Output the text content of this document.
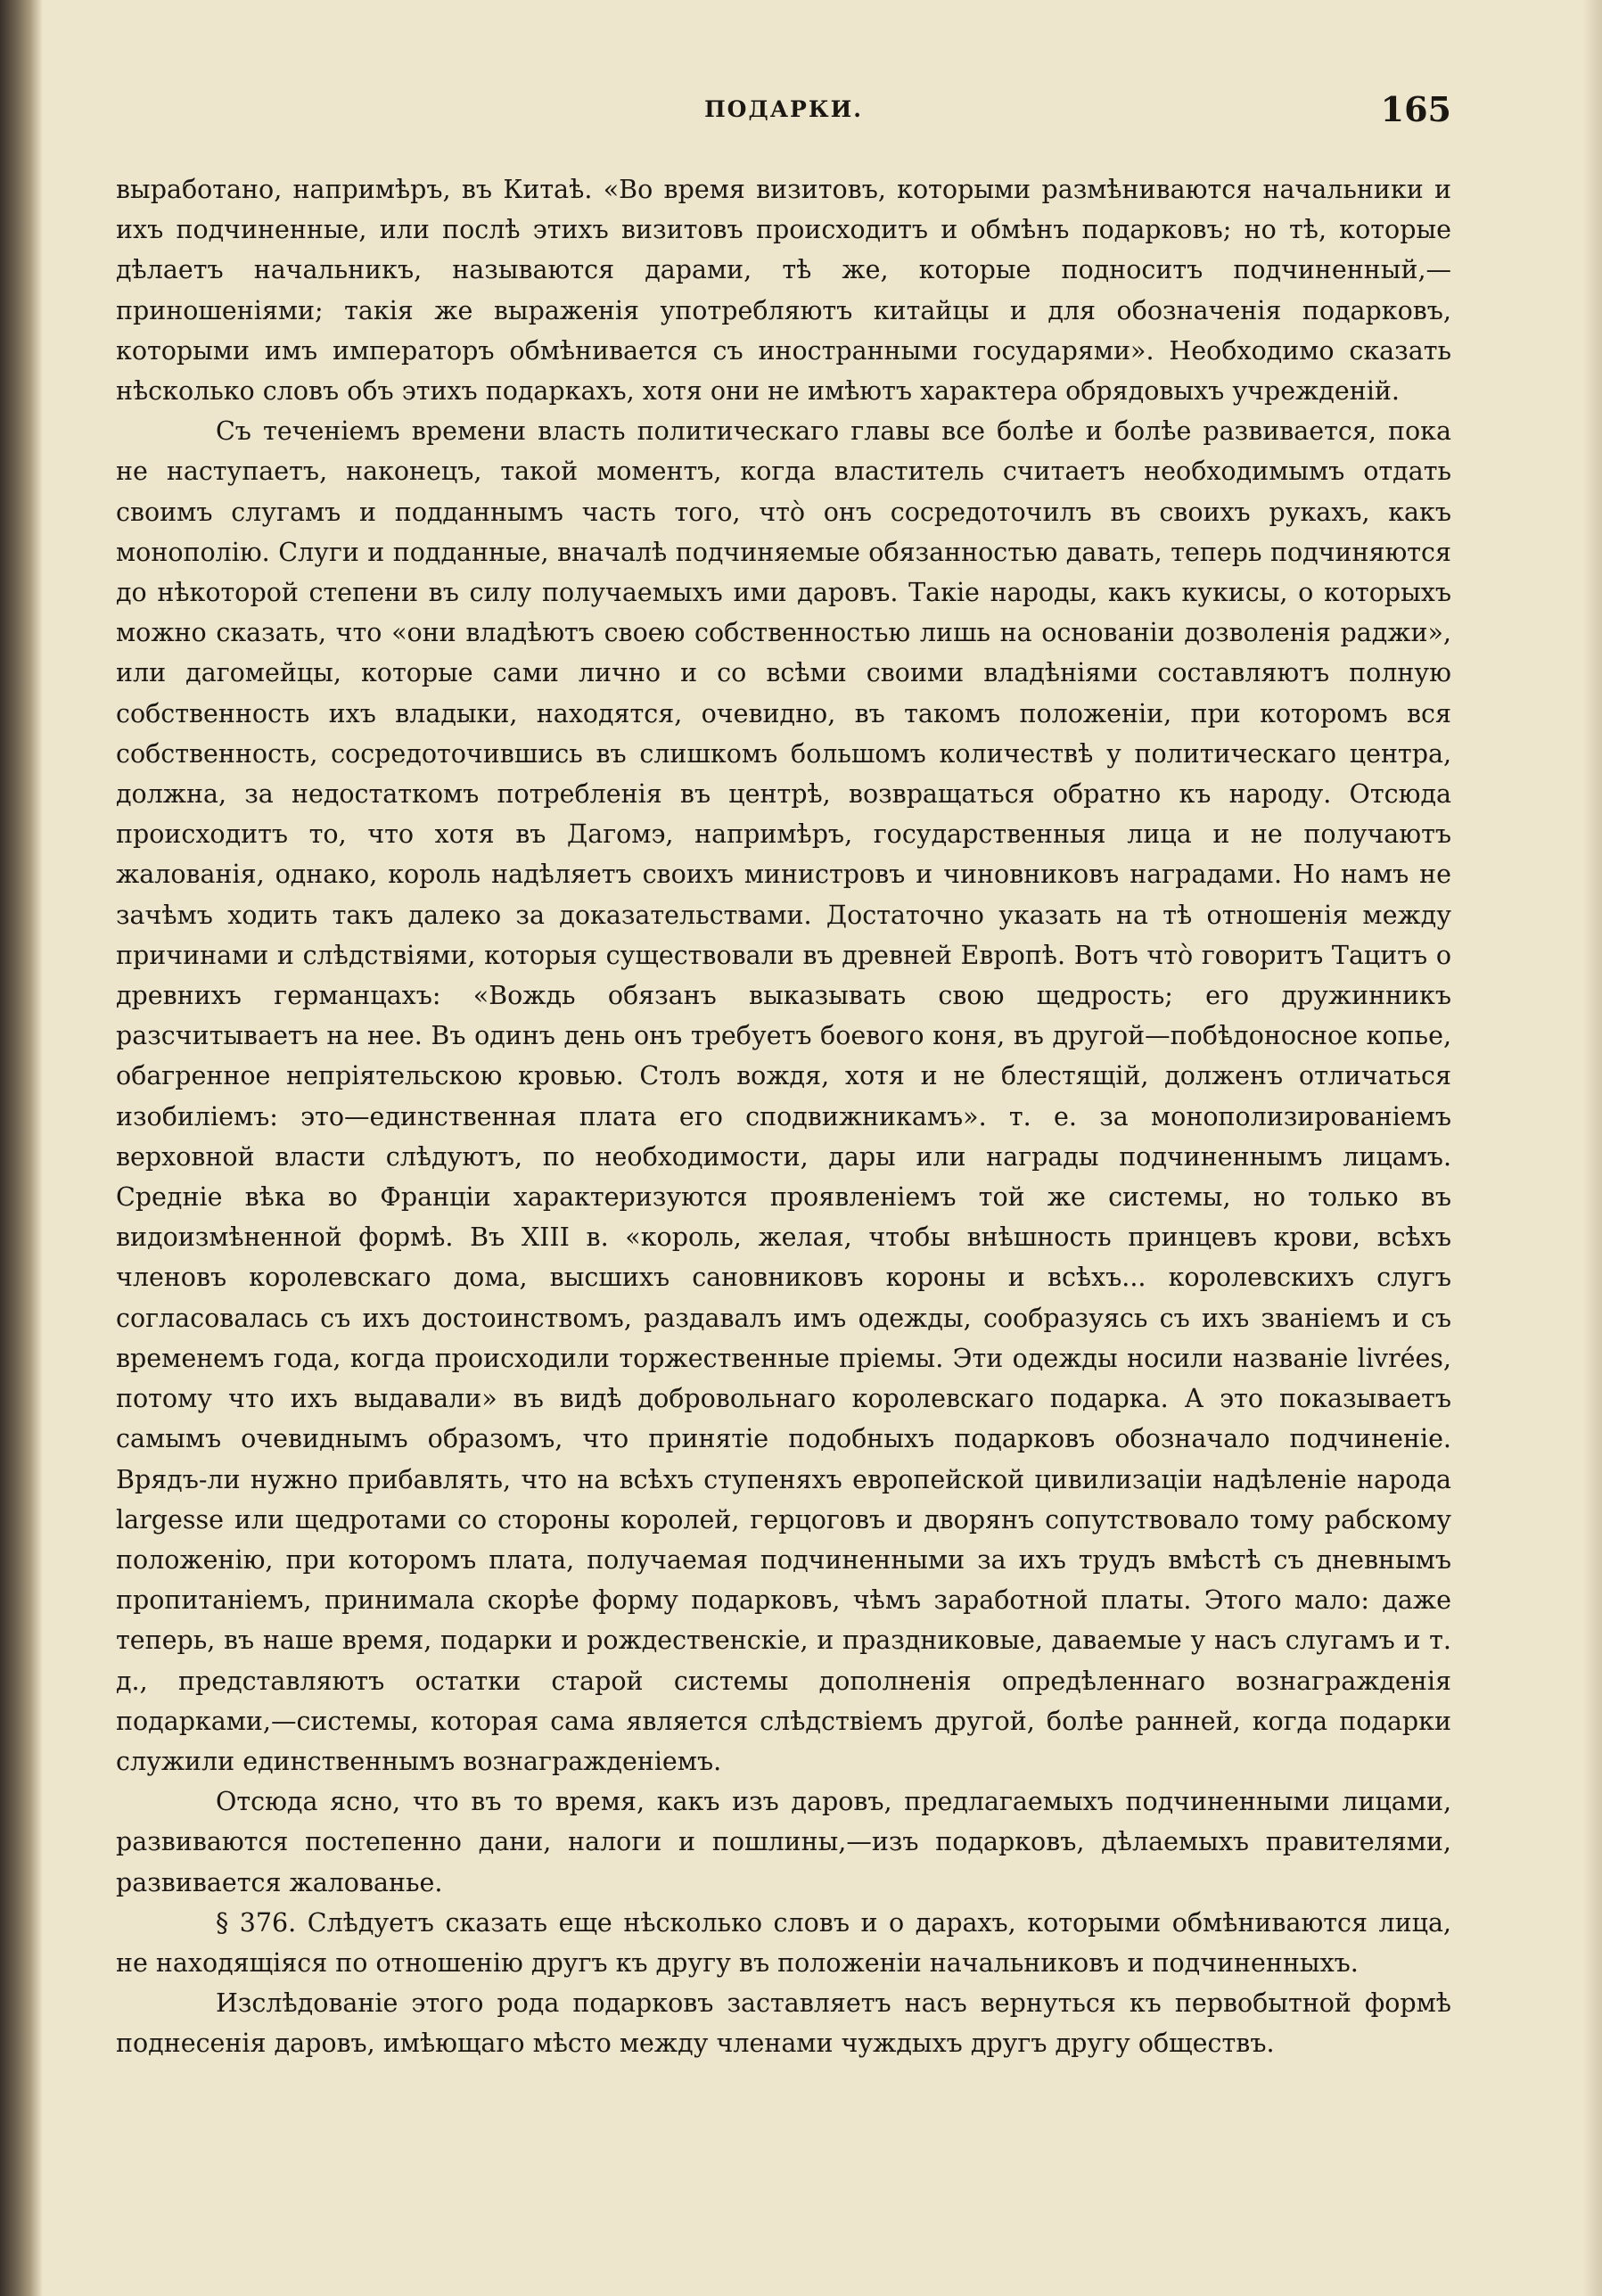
ПОДАРКИ.	165

выработано, напримѣръ, въ Китаѣ. «Во время визитовъ, которыми размѣниваются начальники и ихъ подчиненные, или послѣ этихъ визитовъ происходитъ и обмѣнъ подарковъ; но тѣ, которые дѣлаетъ начальникъ, называются дарами, тѣ же, которые подноситъ подчиненный,—приношеніями; такія же выраженія употребляютъ китайцы и для обозначенія подарковъ, которыми имъ императоръ обмѣнивается съ иностранными государями». Необходимо сказать нѣсколько словъ объ этихъ подаркахъ, хотя они не имѣютъ характера обрядовыхъ учрежденій.

Съ теченіемъ времени власть политическаго главы все болѣе и болѣе развивается, пока не наступаетъ, наконецъ, такой моментъ, когда властитель считаетъ необходимымъ отдать своимъ слугамъ и подданнымъ часть того, что̀ онъ сосредоточилъ въ своихъ рукахъ, какъ монополію. Слуги и подданные, вначалѣ подчиняемые обязанностью давать, теперь подчиняются до нѣкоторой степени въ силу получаемыхъ ими даровъ. Такіе народы, какъ кукисы, о которыхъ можно сказать, что «они владѣютъ своею собственностью лишь на основаніи дозволенія раджи», или дагомейцы, которые сами лично и со всѣми своими владѣніями составляютъ полную собственность ихъ владыки, находятся, очевидно, въ такомъ положеніи, при которомъ вся собственность, сосредоточившись въ слишкомъ большомъ количествѣ у политическаго центра, должна, за недостаткомъ потребленія въ центрѣ, возвращаться обратно къ народу. Отсюда происходитъ то, что хотя въ Дагомэ, напримѣръ, государственныя лица и не получаютъ жалованія, однако, король надѣляетъ своихъ министровъ и чиновниковъ наградами. Но намъ не зачѣмъ ходить такъ далеко за доказательствами. Достаточно указать на тѣ отношенія между причинами и слѣдствіями, которыя существовали въ древней Европѣ. Вотъ что̀ говоритъ Тацитъ о древнихъ германцахъ: «Вождь обязанъ выказывать свою щедрость; его дружинникъ разсчитываетъ на нее. Въ одинъ день онъ требуетъ боевого коня, въ другой—побѣдоносное копье, обагренное непріятельскою кровью. Столъ вождя, хотя и не блестящій, долженъ отличаться изобиліемъ: это—единственная плата его сподвижникамъ». т. е. за монополизированіемъ верховной власти слѣдуютъ, по необходимости, дары или награды подчиненнымъ лицамъ. Средніе вѣка во Франціи характеризуются проявленіемъ той же системы, но только въ видоизмѣненной формѣ. Въ XIII в. «король, желая, чтобы внѣшность принцевъ крови, всѣхъ членовъ королевскаго дома, высшихъ сановниковъ короны и всѣхъ... королевскихъ слугъ согласовалась съ ихъ достоинствомъ, раздавалъ имъ одежды, сообразуясь съ ихъ званіемъ и съ временемъ года, когда происходили торжественные пріемы. Эти одежды носили названіе livrées, потому что ихъ выдавали» въ видѣ добровольнаго королевскаго подарка. А это показываетъ самымъ очевиднымъ образомъ, что принятіе подобныхъ подарковъ обозначало подчиненіе. Врядъ-ли нужно прибавлять, что на всѣхъ ступеняхъ европейской цивилизаціи надѣленіе народа largesse или щедротами со стороны королей, герцоговъ и дворянъ сопутствовало тому рабскому положенію, при которомъ плата, получаемая подчиненными за ихъ трудъ вмѣстѣ съ дневнымъ пропитаніемъ, принимала скорѣе форму подарковъ, чѣмъ заработной платы. Этого мало: даже теперь, въ наше время, подарки и рождественскіе, и праздниковые, даваемые у насъ слугамъ и т. д., представляютъ остатки старой системы дополненія опредѣленнаго вознагражденія подарками,—системы, которая сама является слѣдствіемъ другой, болѣе ранней, когда подарки служили единственнымъ вознагражденіемъ.

Отсюда ясно, что въ то время, какъ изъ даровъ, предлагаемыхъ подчиненными лицами, развиваются постепенно дани, налоги и пошлины,—изъ подарковъ, дѣлаемыхъ правителями, развивается жалованье.

§ 376. Слѣдуетъ сказать еще нѣсколько словъ и о дарахъ, которыми обмѣниваются лица, не находящіяся по отношенію другъ къ другу въ положеніи начальниковъ и подчиненныхъ.

Изслѣдованіе этого рода подарковъ заставляетъ насъ вернуться къ первобытной формѣ поднесенія даровъ, имѣющаго мѣсто между членами чуждыхъ другъ другу обществъ.
